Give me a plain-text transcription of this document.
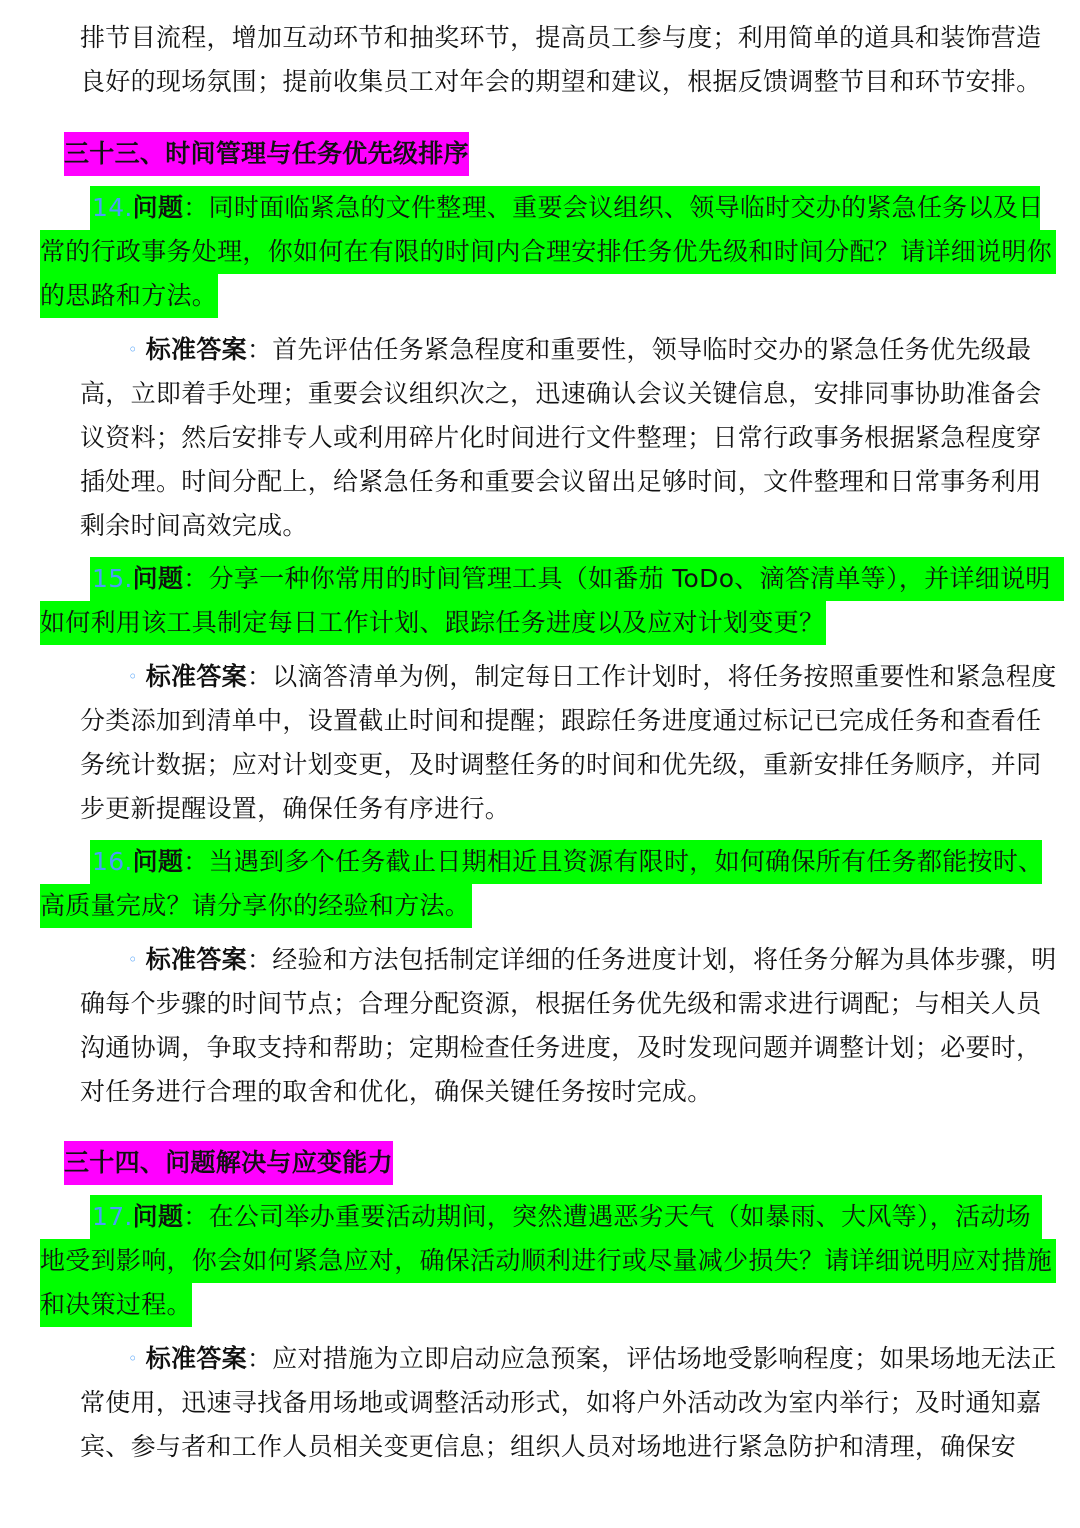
排节目流程，增加互动环节和抽奖环节，提高员工参与度；利用简单的道具和装饰营造
良好的现场氛围；提前收集员工对年会的期望和建议，根据反馈调整节目和环节安排。
三十三、时间管理与任务优先级排序
14.问题：同时面临紧急的文件整理、重要会议组织、领导临时交办的紧急任务以及日
常的行政事务处理，你如何在有限的时间内合理安排任务优先级和时间分配？请详细说明你
的思路和方法。
◦ 标准答案：首先评估任务紧急程度和重要性，领导临时交办的紧急任务优先级最
高，立即着手处理；重要会议组织次之，迅速确认会议关键信息，安排同事协助准备会
议资料；然后安排专人或利用碎片化时间进行文件整理；日常行政事务根据紧急程度穿
插处理。时间分配上，给紧急任务和重要会议留出足够时间，文件整理和日常事务利用
剩余时间高效完成。
15.问题：分享一种你常用的时间管理工具（如番茄 ToDo、滴答清单等），并详细说明
如何利用该工具制定每日工作计划、跟踪任务进度以及应对计划变更？
◦ 标准答案：以滴答清单为例，制定每日工作计划时，将任务按照重要性和紧急程度
分类添加到清单中，设置截止时间和提醒；跟踪任务进度通过标记已完成任务和查看任
务统计数据；应对计划变更，及时调整任务的时间和优先级，重新安排任务顺序，并同
步更新提醒设置，确保任务有序进行。
16.问题：当遇到多个任务截止日期相近且资源有限时，如何确保所有任务都能按时、
高质量完成？请分享你的经验和方法。
◦ 标准答案：经验和方法包括制定详细的任务进度计划，将任务分解为具体步骤，明
确每个步骤的时间节点；合理分配资源，根据任务优先级和需求进行调配；与相关人员
沟通协调，争取支持和帮助；定期检查任务进度，及时发现问题并调整计划；必要时，
对任务进行合理的取舍和优化，确保关键任务按时完成。
三十四、问题解决与应变能力
17.问题：在公司举办重要活动期间，突然遭遇恶劣天气（如暴雨、大风等），活动场
地受到影响，你会如何紧急应对，确保活动顺利进行或尽量减少损失？请详细说明应对措施
和决策过程。
◦ 标准答案：应对措施为立即启动应急预案，评估场地受影响程度；如果场地无法正
常使用，迅速寻找备用场地或调整活动形式，如将户外活动改为室内举行；及时通知嘉
宾、参与者和工作人员相关变更信息；组织人员对场地进行紧急防护和清理，确保安
